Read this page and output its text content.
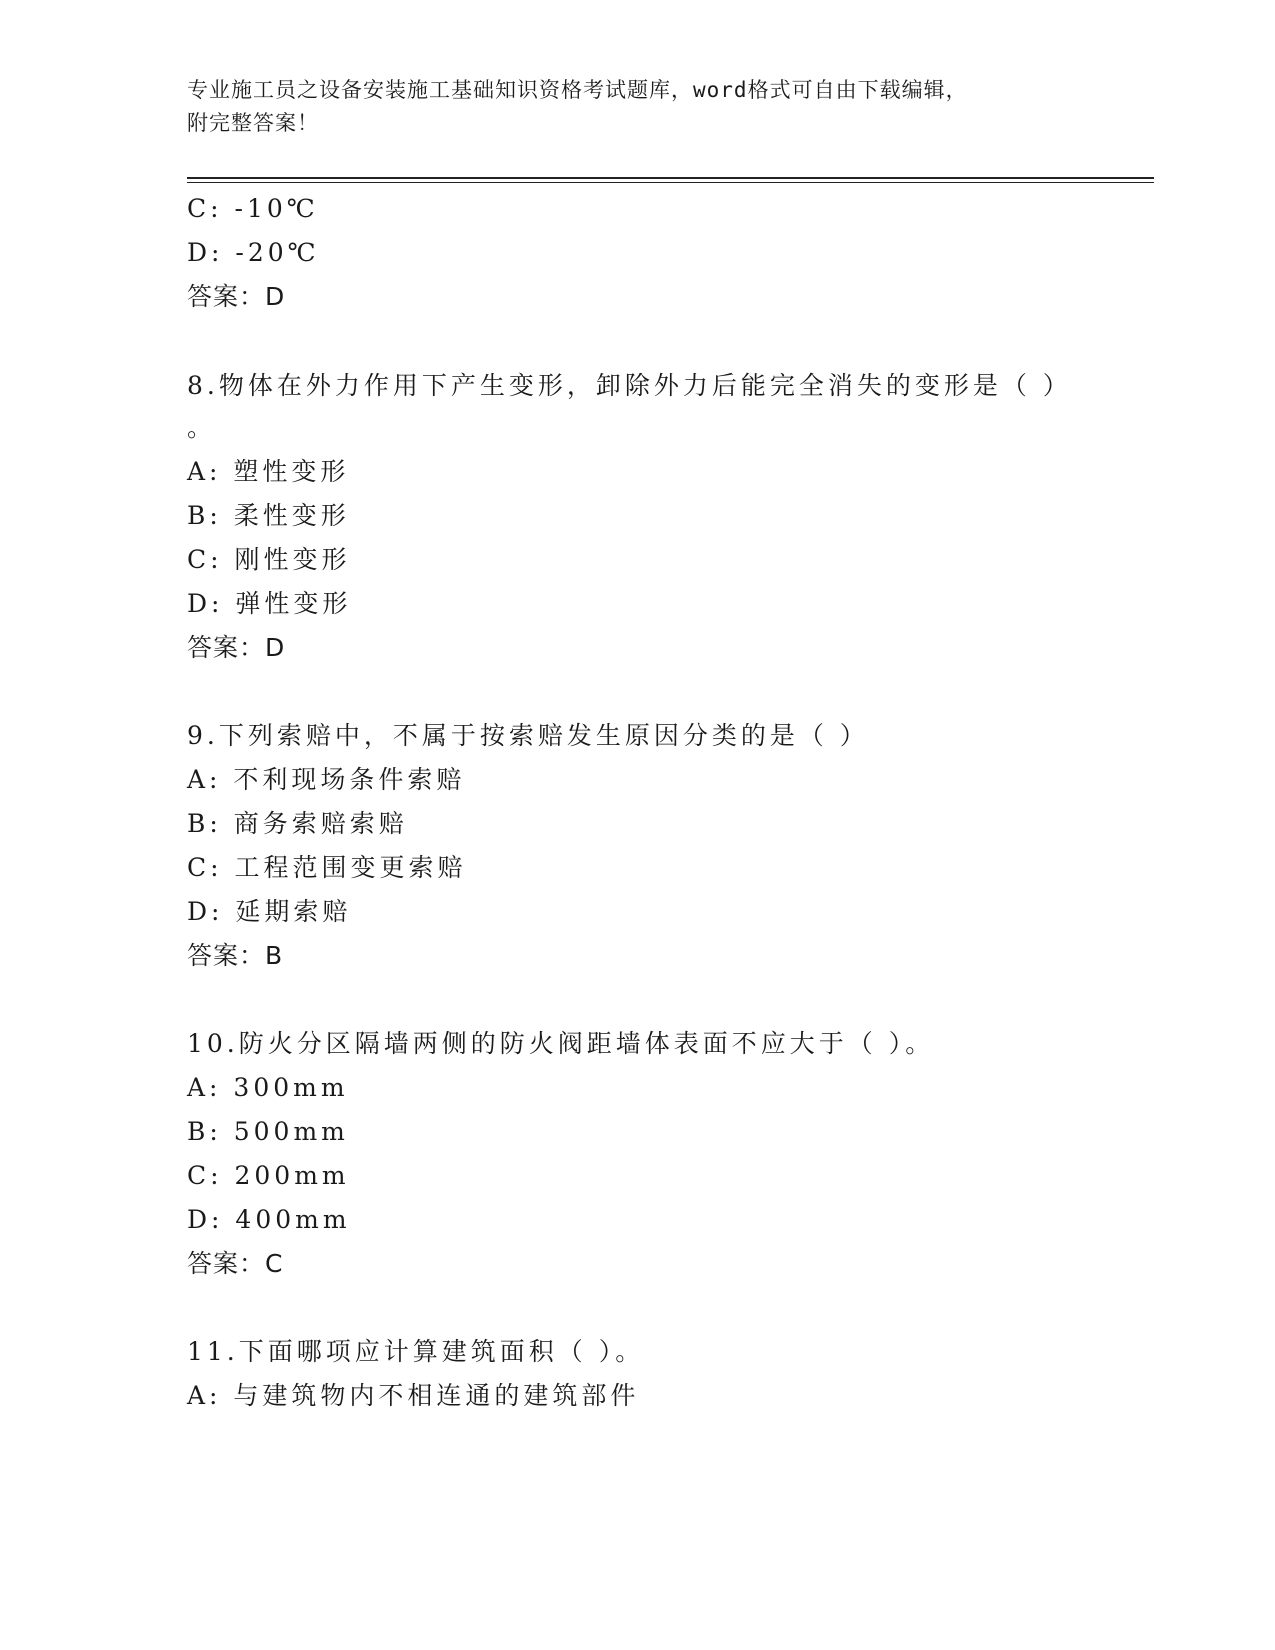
专业施工员之设备安装施工基础知识资格考试题库，word格式可自由下载编辑，
附完整答案！
C: -10℃
D: -20℃
答案：D
8.物体在外力作用下产生变形，卸除外力后能完全消失的变形是（ ）
。
A: 塑性变形
B: 柔性变形
C: 刚性变形
D: 弹性变形
答案：D
9.下列索赔中，不属于按索赔发生原因分类的是（ ）
A: 不利现场条件索赔
B: 商务索赔索赔
C: 工程范围变更索赔
D: 延期索赔
答案：B
10.防火分区隔墙两侧的防火阀距墙体表面不应大于（ ）。
A: 300mm
B: 500mm
C: 200mm
D: 400mm
答案：C
11.下面哪项应计算建筑面积（ ）。
A: 与建筑物内不相连通的建筑部件
